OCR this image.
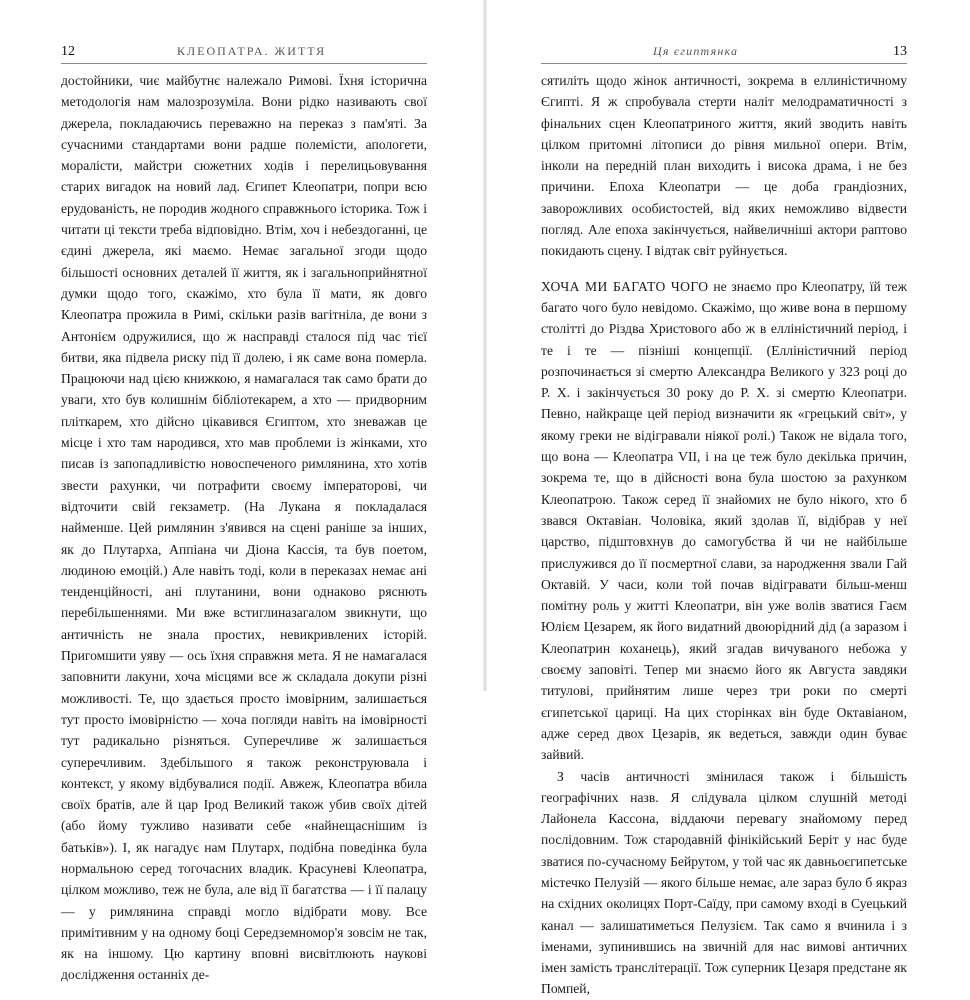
12	КЛЕОПАТРА. ЖИТТЯ

достойники, чиє майбутнє належало Римові. Їхня історична методологія нам малозрозуміла. Вони рідко називають свої джерела, покладаючись переважно на переказ з пам'яті. За сучасними стандартами вони радше полемісти, апологети, моралісти, майстри сюжетних ходів і перелицьовування старих вигадок на новий лад. Єгипет Клеопатри, попри всю ерудованість, не породив жодного справжнього історика. Тож і читати ці тексти треба відповідно. Втім, хоч і небездоганні, це єдині джерела, які маємо. Немає загальної згоди щодо більшості основних деталей її життя, як і загальноприйнятної думки щодо того, скажімо, хто була її мати, як довго Клеопатра прожила в Римі, скільки разів вагітніла, де вони з Антонієм одружилися, що ж насправді сталося під час тієї битви, яка підвела риску під її долею, і як саме вона померла. Працюючи над цією книжкою, я намагалася так само брати до уваги, хто був колишнім бібліотекарем, а хто — придворним пліткарем, хто дійсно цікавився Єгиптом, хто зневажав це місце і хто там народився, хто мав проблеми із жінками, хто писав із запопадливістю новоспеченого римлянина, хто хотів звести рахунки, чи потрафити своєму імператорові, чи відточити свій гекзаметр. (На Лукана я покладалася найменше. Цей римлянин з'явився на сцені раніше за інших, як до Плутарха, Аппіана чи Діона Кассія, та був поетом, людиною емоцій.) Але навіть тоді, коли в переказах немає ані тенденційності, ані плутанини, вони однаково ряснють перебільшеннями. Ми вже встиглиназагалом звикнути, що античність не знала простих, невикривлених історій. Пригомшити уяву — ось їхня справжня мета. Я не намагалася заповнити лакуни, хоча місцями все ж складала докупи різні можливості. Те, що здається просто імовірним, залишається тут просто імовірністю — хоча погляди навіть на імовірності тут радикально різняться. Суперечливе ж залишається суперечливим. Здебільшого я також реконструювала і контекст, у якому відбувалися події. Авжеж, Клеопатра вбила своїх братів, але й цар Ірод Великий також убив своїх дітей (або йому тужливо називати себе «найнещаснішим із батьків»). І, як нагадує нам Плутарх, подібна поведінка була нормальною серед тогочасних владик. Красуневі Клеопатра, цілком можливо, теж не була, але від її багатства — і її палацу — у римлянина справді могло відібрати мову. Все примітивним у на одному боці Середземномор'я зовсім не так, як на іншому. Цю картину вповні висвітлюють наукові дослідження останніх де-

Ця єгиптянка	13

сятиліть щодо жінок античності, зокрема в еллиністичному Єгипті. Я ж спробувала стерти наліт мелодраматичності з фінальних сцен Клеопатриного життя, який зводить навіть цілком притомні літописи до рівня мильної опери. Втім, інколи на передній план виходить і висока драма, і не без причини. Епоха Клеопатри — це доба грандіозних, заворожливих особистостей, від яких неможливо відвести погляд. Але епоха закінчується, найвеличніші актори раптово покидають сцену. І відтак світ руйнується.

ХОЧА МИ БАГАТО ЧОГО не знаємо про Клеопатру, їй теж багато чого було невідомо. Скажімо, що живе вона в першому столітті до Різдва Христового або ж в елліністичний період, і те і те — пізніші концепції. (Елліністичний період розпочинається зі смертю Александра Великого у 323 році до Р. Х. і закінчується 30 року до Р. Х. зі смертю Клеопатри. Певно, найкраще цей період визначити як «грецький світ», у якому греки не відігравали ніякої ролі.) Також не відала того, що вона — Клеопатра VII, і на це теж було декілька причин, зокрема те, що в дійсності вона була шостою за рахунком Клеопатрою. Також серед її знайомих не було нікого, хто б звався Октавіан. Чоловіка, який здолав її, відібрав у неї царство, підштовхнув до самогубства й чи не найбільше прислужився до її посмертної слави, за народження звали Гай Октавій. У часи, коли той почав відігравати більш-менш помітну роль у житті Клеопатри, він уже волів зватися Гаєм Юлієм Цезарем, як його видатний двоюрідний дід (а заразом і Клеопатрин коханець), який згадав вичуваного небожа у своєму заповіті. Тепер ми знаємо його як Августа завдяки титулові, прийнятим лише через три роки по смерті єгипетської цариці. На цих сторінках він буде Октавіаном, адже серед двох Цезарів, як ведеться, завжди один буває зайвий.

З часів античності змінилася також і більшість географічних назв. Я слідувала цілком слушній методі Лайонела Кассона, віддаючи перевагу знайомому перед послідовним. Тож стародавній фінікійський Берiт у нас буде зватися по-сучасному Бейрутом, у той час як давньоєгипетське містечко Пелузій — якого більше немає, але зараз було б якраз на східних околицях Порт-Саїду, при самому вході в Суецький канал — залишатиметься Пелузієм. Так само я вчинила і з іменами, зупинившись на звичній для нас вимові античних імен замість транслітерації. Тож суперник Цезаря предстане як Помпей,
